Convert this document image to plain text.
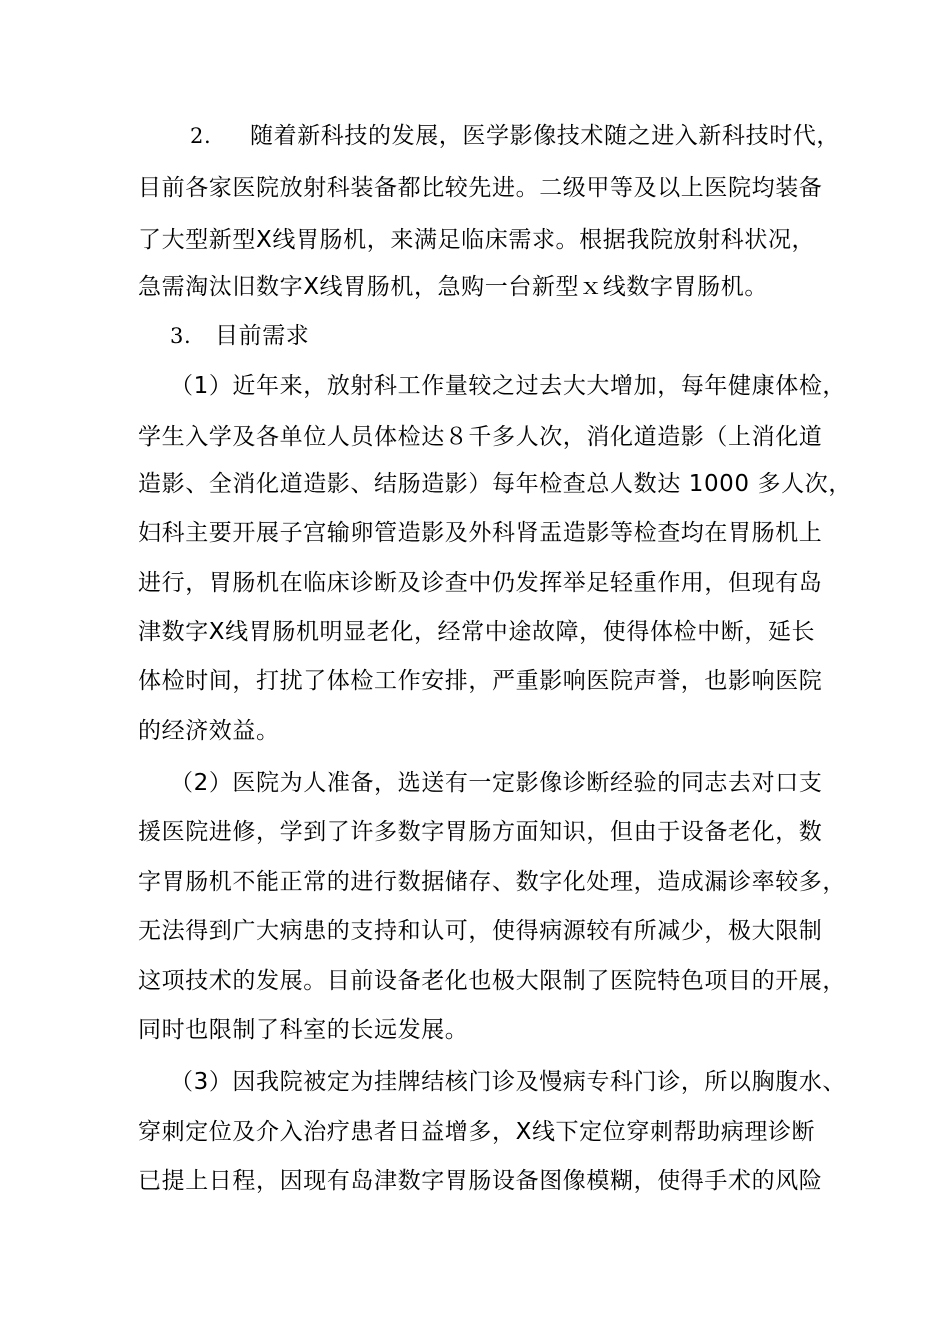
2.	随着新科技的发展，医学影像技术随之进入新科技时代，
目前各家医院放射科装备都比较先进。二级甲等及以上医院均装备
了大型新型Ⅹ线胃肠机，来满足临床需求。根据我院放射科状况，
急需淘汰旧数字Ⅹ线胃肠机，急购一台新型ｘ线数字胃肠机。
3.	目前需求
（1）近年来，放射科工作量较之过去大大增加，每年健康体检，
学生入学及各单位人员体检达８千多人次，消化道造影（上消化道
造影、全消化道造影、结肠造影）每年检查总人数达 1000 多人次，
妇科主要开展子宫输卵管造影及外科肾盂造影等检查均在胃肠机上
进行，胃肠机在临床诊断及诊查中仍发挥举足轻重作用，但现有岛
津数字Ⅹ线胃肠机明显老化，经常中途故障，使得体检中断，延长
体检时间，打扰了体检工作安排，严重影响医院声誉，也影响医院
的经济效益。
（2）医院为人准备，选送有一定影像诊断经验的同志去对口支
援医院进修，学到了许多数字胃肠方面知识，但由于设备老化，数
字胃肠机不能正常的进行数据储存、数字化处理，造成漏诊率较多，
无法得到广大病患的支持和认可，使得病源较有所减少，极大限制
这项技术的发展。目前设备老化也极大限制了医院特色项目的开展，
同时也限制了科室的长远发展。
（3）因我院被定为挂牌结核门诊及慢病专科门诊，所以胸腹水、
穿刺定位及介入治疗患者日益增多，Ⅹ线下定位穿刺帮助病理诊断
已提上日程，因现有岛津数字胃肠设备图像模糊，使得手术的风险
